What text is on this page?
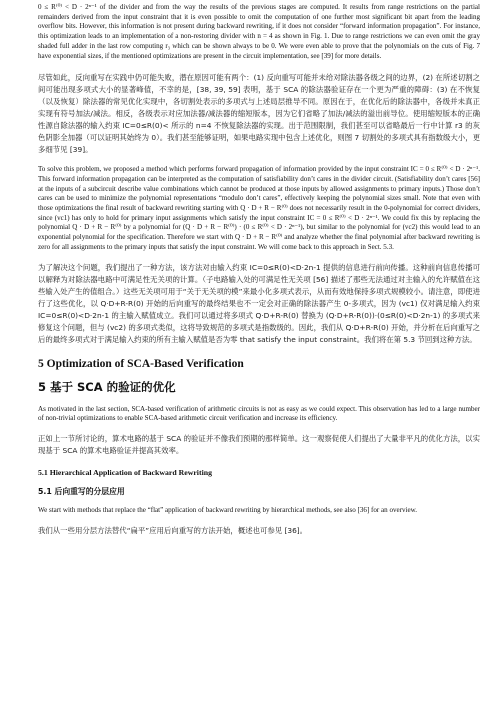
0 ≤ R⁽⁰⁾ < D · 2ⁿ⁻¹ of the divider and from the way the results of the previous stages are computed. It results from range restrictions on the partial remainders derived from the input constraint that it is even possible to omit the computation of one further most significant bit apart from the leading overflow bits. However, this information is not present during backward rewriting, if it does not consider “forward information propagation”. For instance, this optimization leads to an implementation of a non-restoring divider with n = 4 as shown in Fig. 1. Due to range restrictions we can even omit the gray shaded full adder in the last row computing r₃ which can be shown always to be 0. We were even able to prove that the polynomials on the cuts of Fig. 7 have exponential sizes, if the mentioned optimizations are present in the circuit implementation, see [39] for more details.

尽管如此，反向重写在实践中仍可能失败，潜在原因可能有两个：(1) 反向重写可能并未给对除法器各级之间的边界，(2) 在所述切割之间可能出现多项式大小的显著峰值，不幸的是，[38, 39, 59] 表明，基于 SCA 的除法器验证存在一个更为严重的障碍：(3) 在不恢复（以及恢复）除法器的常见优化实现中，各切割处表示的多项式与上述局层推导不同。原因在于，在优化后的除法器中，各级并未真正实现有符号加法/减法。相反，各级表示对应加法器/减法器的缩短版本，因为它们省略了加法/减法的溢出前导位。使用缩短版本的正确性源自除法器的输入约束 IC=0≤R(0)< 所示的 n=4 不恢复除法器的实现。出于范围限制，我们甚至可以省略最后一行中计算 r3 的灰色阴影全加器（可以证明其始终为 0）。我们甚至能够证明，如果电路实现中包含上述优化，则图 7 切割处的多项式具有指数级大小，更多细节见 [39]。

To solve this problem, we proposed a method which performs forward propagation of information provided by the input constraint IC = 0 ≤ R⁽⁰⁾ < D · 2ⁿ⁻¹. This forward information propagation can be interpreted as the computation of satisfiability don’t cares in the divider circuit. (Satisfiability don’t cares [56] at the inputs of a subcircuit describe value combinations which cannot be produced at those inputs by allowed assignments to primary inputs.) Those don’t cares can be used to minimize the polynomial representations “modulo don’t cares”, effectively keeping the polynomial sizes small. Note that even with those optimizations the final result of backward rewriting starting with Q · D + R − R⁽⁰⁾ does not necessarily result in the 0-polynomial for correct dividers, since (vc1) has only to hold for primary input assignments which satisfy the input constraint IC = 0 ≤ R⁽⁰⁾ < D · 2ⁿ⁻¹. We could fix this by replacing the polynomial Q · D + R − R⁽⁰⁾ by a polynomial for (Q · D + R − R⁽⁰⁾) · (0 ≤ R⁽⁰⁾ < D · 2ⁿ⁻¹), but similar to the polynomial for (vc2) this would lead to an exponential polynomial for the specification. Therefore we start with Q · D + R − R⁽⁰⁾ and analyze whether the final polynomial after backward rewriting is zero for all assignments to the primary inputs that satisfy the input constraint. We will come back to this approach in Sect. 5.3.

为了解决这个问题，我们提出了一种方法，该方法对由输入约束 IC=0≤R(0)<D·2n-1 提供的信息进行前向传播。这种前向信息传播可以解释为对除法器电路中可满足性无关项的计算。（子电路输入处的可满足性无关项 [56] 描述了那些无法通过对主输入的允许赋值在这些输入处产生的值组合。）这些无关项可用于“关于无关项的模”来最小化多项式表示，从而有效地保持多项式规模较小。请注意，即使进行了这些优化，以 Q·D+R-R(0) 开始的后向重写的最终结果也不一定会对正确的除法器产生 0-多项式，因为 (vc1) 仅对满足输入约束 IC=0≤R(0)<D·2n-1 的主输入赋值成立。我们可以通过将多项式 Q·D+R-R(0) 替换为 (Q·D+R-R(0))·(0≤R(0)<D·2n-1) 的多项式来修复这个问题，但与 (vc2) 的多项式类似，这将导致规范的多项式是指数级的。因此，我们从 Q·D+R-R(0) 开始，并分析在后向重写之后的最终多项式对于满足输入约束的所有主输入赋值是否为零 that satisfy the input constraint。我们将在第 5.3 节回到这种方法。

5 Optimization of SCA-Based Verification

5 基于 SCA 的验证的优化

As motivated in the last section, SCA-based verification of arithmetic circuits is not as easy as we could expect. This observation has led to a large number of non-trivial optimizations to enable SCA-based arithmetic circuit verification and increase its efficiency.

正如上一节所讨论的，算术电路的基于 SCA 的验证并不像我们预期的那样简单。这一观察促使人们提出了大量非平凡的优化方法，以实现基于 SCA 的算术电路验证并提高其效率。

5.1 Hierarchical Application of Backward Rewriting

5.1 后向重写的分层应用

We start with methods that replace the “flat” application of backward rewriting by hierarchical methods, see also [36] for an overview.

我们从一些用分层方法替代“扁平”应用后向重写的方法开始，概述也可参见 [36]。
